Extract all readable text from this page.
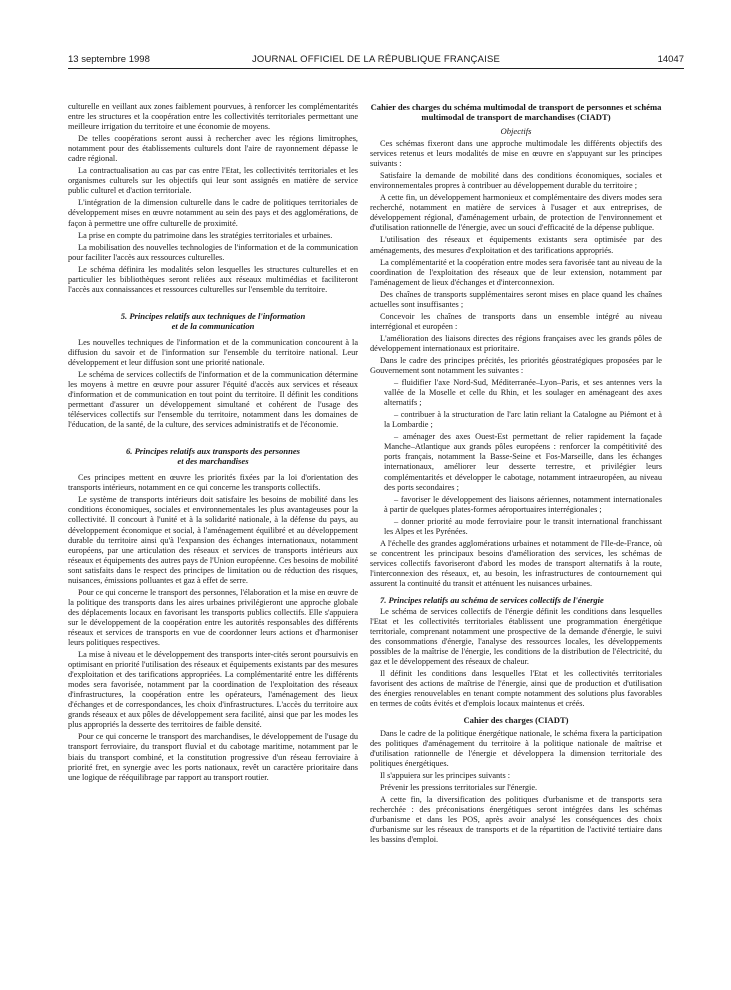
13 septembre 1998	JOURNAL OFFICIEL DE LA RÉPUBLIQUE FRANÇAISE	14047

culturelle en veillant aux zones faiblement pourvues, à renforcer les complémentarités entre les structures et la coopération entre les collectivités territoriales permettant une meilleure irrigation du territoire et une économie de moyens.

De telles coopérations seront aussi à rechercher avec les régions limitrophes, notamment pour des établissements culturels dont l'aire de rayonnement dépasse le cadre régional.

La contractualisation au cas par cas entre l'Etat, les collectivités territoriales et les organismes culturels sur les objectifs qui leur sont assignés en matière de service public culturel et d'action territoriale.

L'intégration de la dimension culturelle dans le cadre de politiques territoriales de développement mises en œuvre notamment au sein des pays et des agglomérations, de façon à permettre une offre culturelle de proximité.

La prise en compte du patrimoine dans les stratégies territoriales et urbaines.

La mobilisation des nouvelles technologies de l'information et de la communication pour faciliter l'accès aux ressources culturelles.

Le schéma définira les modalités selon lesquelles les structures culturelles et en particulier les bibliothèques seront reliées aux réseaux multimédias et faciliteront l'accès aux connaissances et ressources culturelles sur l'ensemble du territoire.

5. Principes relatifs aux techniques de l'information
et de la communication

Les nouvelles techniques de l'information et de la communication concourent à la diffusion du savoir et de l'information sur l'ensemble du territoire national. Leur développement et leur diffusion sont une priorité nationale.

Le schéma de services collectifs de l'information et de la communication détermine les moyens à mettre en œuvre pour assurer l'équité d'accès aux services et réseaux d'information et de communication en tout point du territoire. Il définit les conditions permettant d'assurer un développement simultané et cohérent de l'usage des téléservices collectifs sur l'ensemble du territoire, notamment dans les domaines de l'éducation, de la santé, de la culture, des services administratifs et de l'économie.

6. Principes relatifs aux transports des personnes
et des marchandises

Ces principes mettent en œuvre les priorités fixées par la loi d'orientation des transports intérieurs, notamment en ce qui concerne les transports collectifs.

Le système de transports intérieurs doit satisfaire les besoins de mobilité dans les conditions économiques, sociales et environnementales les plus avantageuses pour la collectivité. Il concourt à l'unité et à la solidarité nationale, à la défense du pays, au développement économique et social, à l'aménagement équilibré et au développement durable du territoire ainsi qu'à l'expansion des échanges internationaux, notamment européens, par une articulation des réseaux et services de transports intérieurs aux réseaux et équipements des autres pays de l'Union européenne. Ces besoins de mobilité sont satisfaits dans le respect des principes de limitation ou de réduction des risques, nuisances, émissions polluantes et gaz à effet de serre.

Pour ce qui concerne le transport des personnes, l'élaboration et la mise en œuvre de la politique des transports dans les aires urbaines privilégieront une approche globale des déplacements locaux en favorisant les transports publics collectifs. Elle s'appuiera sur le développement de la coopération entre les autorités responsables des différents réseaux et services de transports en vue de coordonner leurs actions et d'harmoniser leurs politiques respectives.

La mise à niveau et le développement des transports inter-cités seront poursuivis en optimisant en priorité l'utilisation des réseaux et équipements existants par des mesures d'exploitation et des tarifications appropriées. La complémentarité entre les différents modes sera favorisée, notamment par la coordination de l'exploitation des réseaux d'infrastructures, la coopération entre les opérateurs, l'aménagement des lieux d'échanges et de correspondances, les choix d'infrastructures. L'accès du territoire aux grands réseaux et aux pôles de développement sera facilité, ainsi que par les modes les plus appropriés la desserte des territoires de faible densité.

Pour ce qui concerne le transport des marchandises, le développement de l'usage du transport ferroviaire, du transport fluvial et du cabotage maritime, notamment par le biais du transport combiné, et la constitution progressive d'un réseau ferroviaire à priorité fret, en synergie avec les ports nationaux, revêt un caractère prioritaire dans une logique de rééquilibrage par rapport au transport routier.

Cahier des charges du schéma multimodal de transport de personnes et schéma multimodal de transport de marchandises (CIADT)
Objectifs

Ces schémas fixeront dans une approche multimodale les différents objectifs des services retenus et leurs modalités de mise en œuvre en s'appuyant sur les principes suivants :

Satisfaire la demande de mobilité dans des conditions économiques, sociales et environnementales propres à contribuer au développement durable du territoire ;

A cette fin, un développement harmonieux et complémentaire des divers modes sera recherché, notamment en matière de services à l'usager et aux entreprises, de développement régional, d'aménagement urbain, de protection de l'environnement et d'utilisation rationnelle de l'énergie, avec un souci d'efficacité de la dépense publique.

L'utilisation des réseaux et équipements existants sera optimisée par des aménagements, des mesures d'exploitation et des tarifications appropriés.

La complémentarité et la coopération entre modes sera favorisée tant au niveau de la coordination de l'exploitation des réseaux que de leur extension, notamment par l'aménagement de lieux d'échanges et d'interconnexion.

Des chaînes de transports supplémentaires seront mises en place quand les chaînes actuelles sont insuffisantes ;

Concevoir les chaînes de transports dans un ensemble intégré au niveau interrégional et européen :

L'amélioration des liaisons directes des régions françaises avec les grands pôles de développement internationaux est prioritaire.

Dans le cadre des principes précités, les priorités géostratégiques proposées par le Gouvernement sont notamment les suivantes :

– fluidifier l'axe Nord-Sud, Méditerranée–Lyon–Paris, et ses antennes vers la vallée de la Moselle et celle du Rhin, et les soulager en aménageant des axes alternatifs ;

– contribuer à la structuration de l'arc latin reliant la Catalogne au Piémont et à la Lombardie ;

– aménager des axes Ouest-Est permettant de relier rapidement la façade Manche–Atlantique aux grands pôles européens : renforcer la compétitivité des ports français, notamment la Basse-Seine et Fos-Marseille, dans les échanges internationaux, améliorer leur desserte terrestre, et privilégier leurs complémentarités et développer le cabotage, notamment intraeuropéen, au niveau des ports secondaires ;

– favoriser le développement des liaisons aériennes, notamment internationales à partir de quelques plates-formes aéroportuaires interrégionales ;

– donner priorité au mode ferroviaire pour le transit international franchissant les Alpes et les Pyrénées.

A l'échelle des grandes agglomérations urbaines et notamment de l'Ile-de-France, où se concentrent les principaux besoins d'amélioration des services, les schémas de services collectifs favoriseront d'abord les modes de transport alternatifs à la route, l'interconnexion des réseaux, et, au besoin, les infrastructures de contournement qui assurent la continuité du transit et atténuent les nuisances urbaines.

7. Principes relatifs au schéma de services collectifs de l'énergie

Le schéma de services collectifs de l'énergie définit les conditions dans lesquelles l'Etat et les collectivités territoriales établissent une programmation énergétique territoriale, comprenant notamment une prospective de la demande d'énergie, le suivi des consommations d'énergie, l'analyse des ressources locales, les développements possibles de la maîtrise de l'énergie, les conditions de la distribution de l'électricité, du gaz et le développement des réseaux de chaleur.

Il définit les conditions dans lesquelles l'Etat et les collectivités territoriales favorisent des actions de maîtrise de l'énergie, ainsi que de production et d'utilisation des énergies renouvelables en tenant compte notamment des solutions plus favorables en termes de coûts évités et d'emplois locaux maintenus et créés.

Cahier des charges (CIADT)

Dans le cadre de la politique énergétique nationale, le schéma fixera la participation des politiques d'aménagement du territoire à la politique nationale de maîtrise et d'utilisation rationnelle de l'énergie et développera la dimension territoriale des politiques énergétiques.

Il s'appuiera sur les principes suivants :

Prévenir les pressions territoriales sur l'énergie.

A cette fin, la diversification des politiques d'urbanisme et de transports sera recherchée : des préconisations énergétiques seront intégrées dans les schémas d'urbanisme et dans les POS, après avoir analysé les conséquences des choix d'urbanisme sur les réseaux de transports et de la répartition de l'activité tertiaire dans les bassins d'emploi.
